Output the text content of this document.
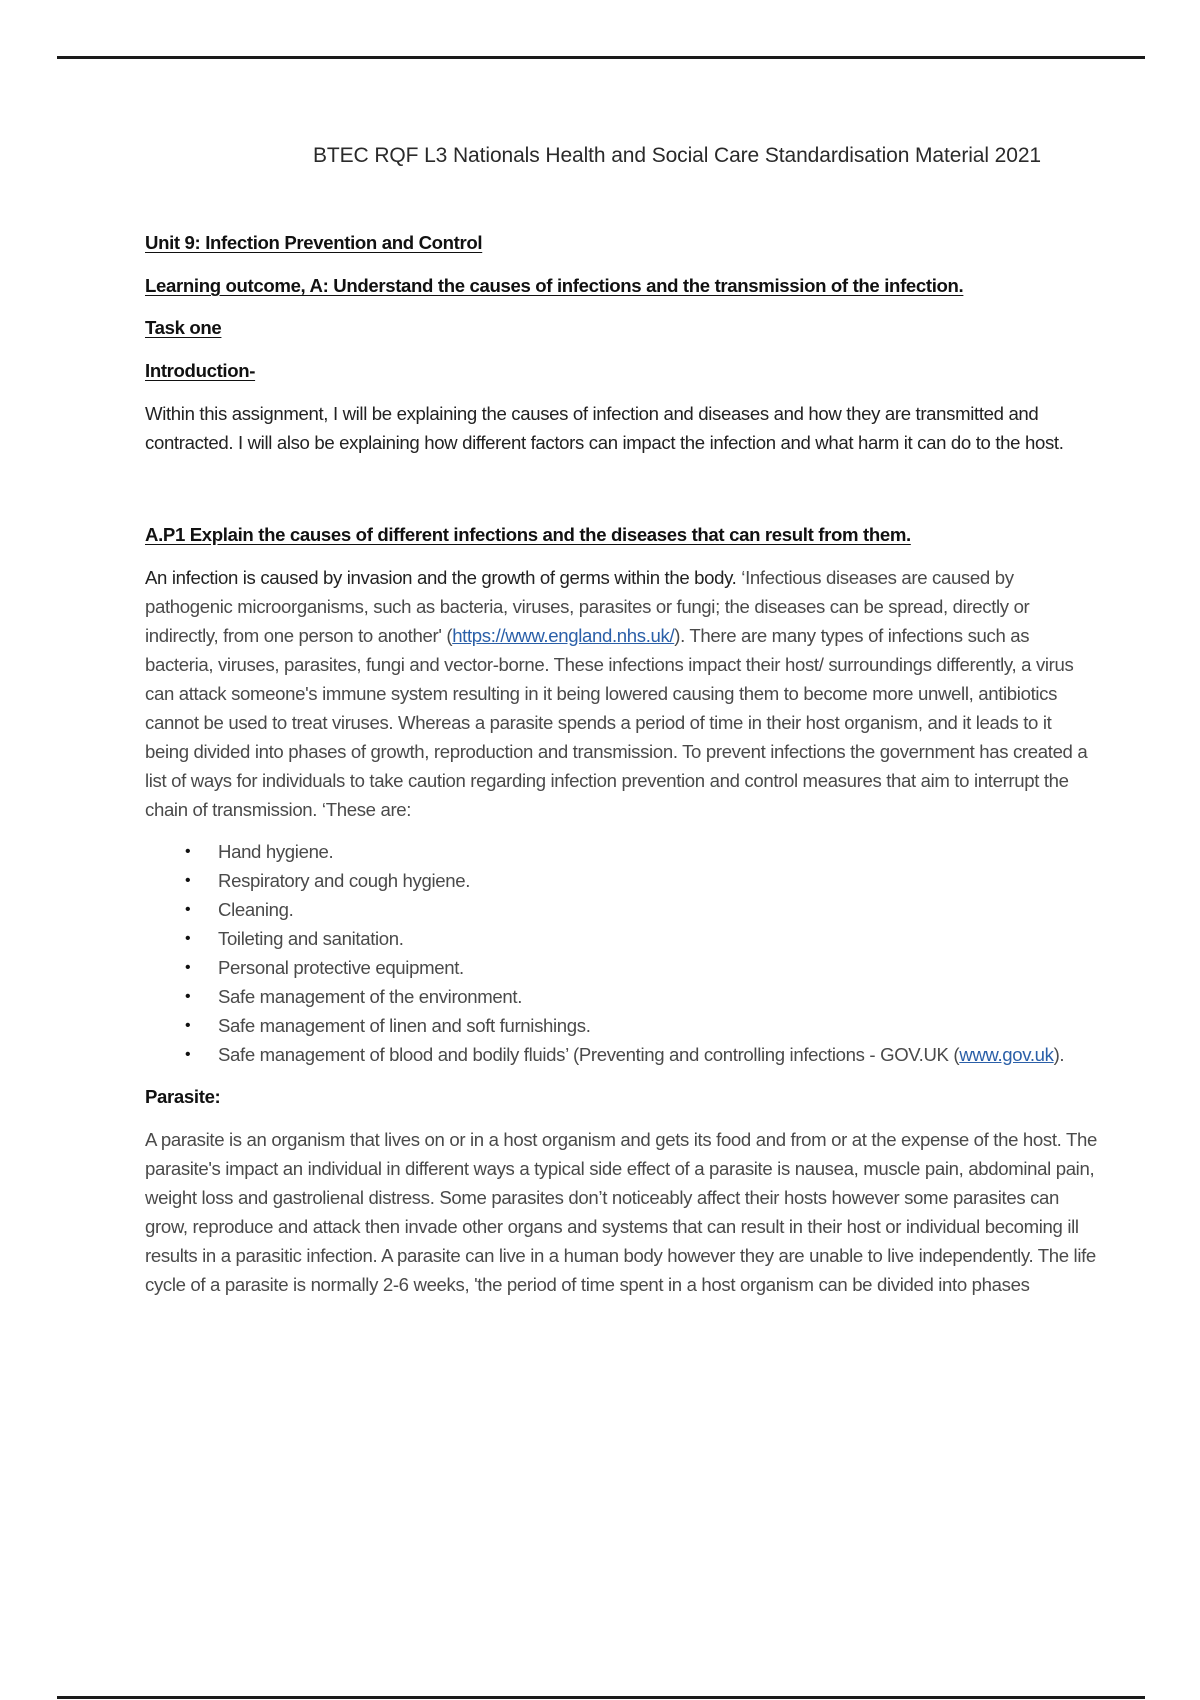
BTEC RQF L3 Nationals Health and Social Care Standardisation Material 2021

Unit 9: Infection Prevention and Control

Learning outcome, A: Understand the causes of infections and the transmission of the infection.

Task one

Introduction-

Within this assignment, I will be explaining the causes of infection and diseases and how they are transmitted and contracted. I will also be explaining how different factors can impact the infection and what harm it can do to the host.

A.P1 Explain the causes of different infections and the diseases that can result from them.

An infection is caused by invasion and the growth of germs within the body. ‘Infectious diseases are caused by pathogenic microorganisms, such as bacteria, viruses, parasites or fungi; the diseases can be spread, directly or indirectly, from one person to another' (https://www.england.nhs.uk/). There are many types of infections such as bacteria, viruses, parasites, fungi and vector-borne. These infections impact their host/ surroundings differently, a virus can attack someone's immune system resulting in it being lowered causing them to become more unwell, antibiotics cannot be used to treat viruses. Whereas a parasite spends a period of time in their host organism, and it leads to it being divided into phases of growth, reproduction and transmission. To prevent infections the government has created a list of ways for individuals to take caution regarding infection prevention and control measures that aim to interrupt the chain of transmission. ‘These are:

• Hand hygiene.
• Respiratory and cough hygiene.
• Cleaning.
• Toileting and sanitation.
• Personal protective equipment.
• Safe management of the environment.
• Safe management of linen and soft furnishings.
• Safe management of blood and bodily fluids’ (Preventing and controlling infections - GOV.UK (www.gov.uk).

Parasite:

A parasite is an organism that lives on or in a host organism and gets its food and from or at the expense of the host. The parasite's impact an individual in different ways a typical side effect of a parasite is nausea, muscle pain, abdominal pain, weight loss and gastrolienal distress. Some parasites don’t noticeably affect their hosts however some parasites can grow, reproduce and attack then invade other organs and systems that can result in their host or individual becoming ill results in a parasitic infection. A parasite can live in a human body however they are unable to live independently. The life cycle of a parasite is normally 2-6 weeks, 'the period of time spent in a host organism can be divided into phases
